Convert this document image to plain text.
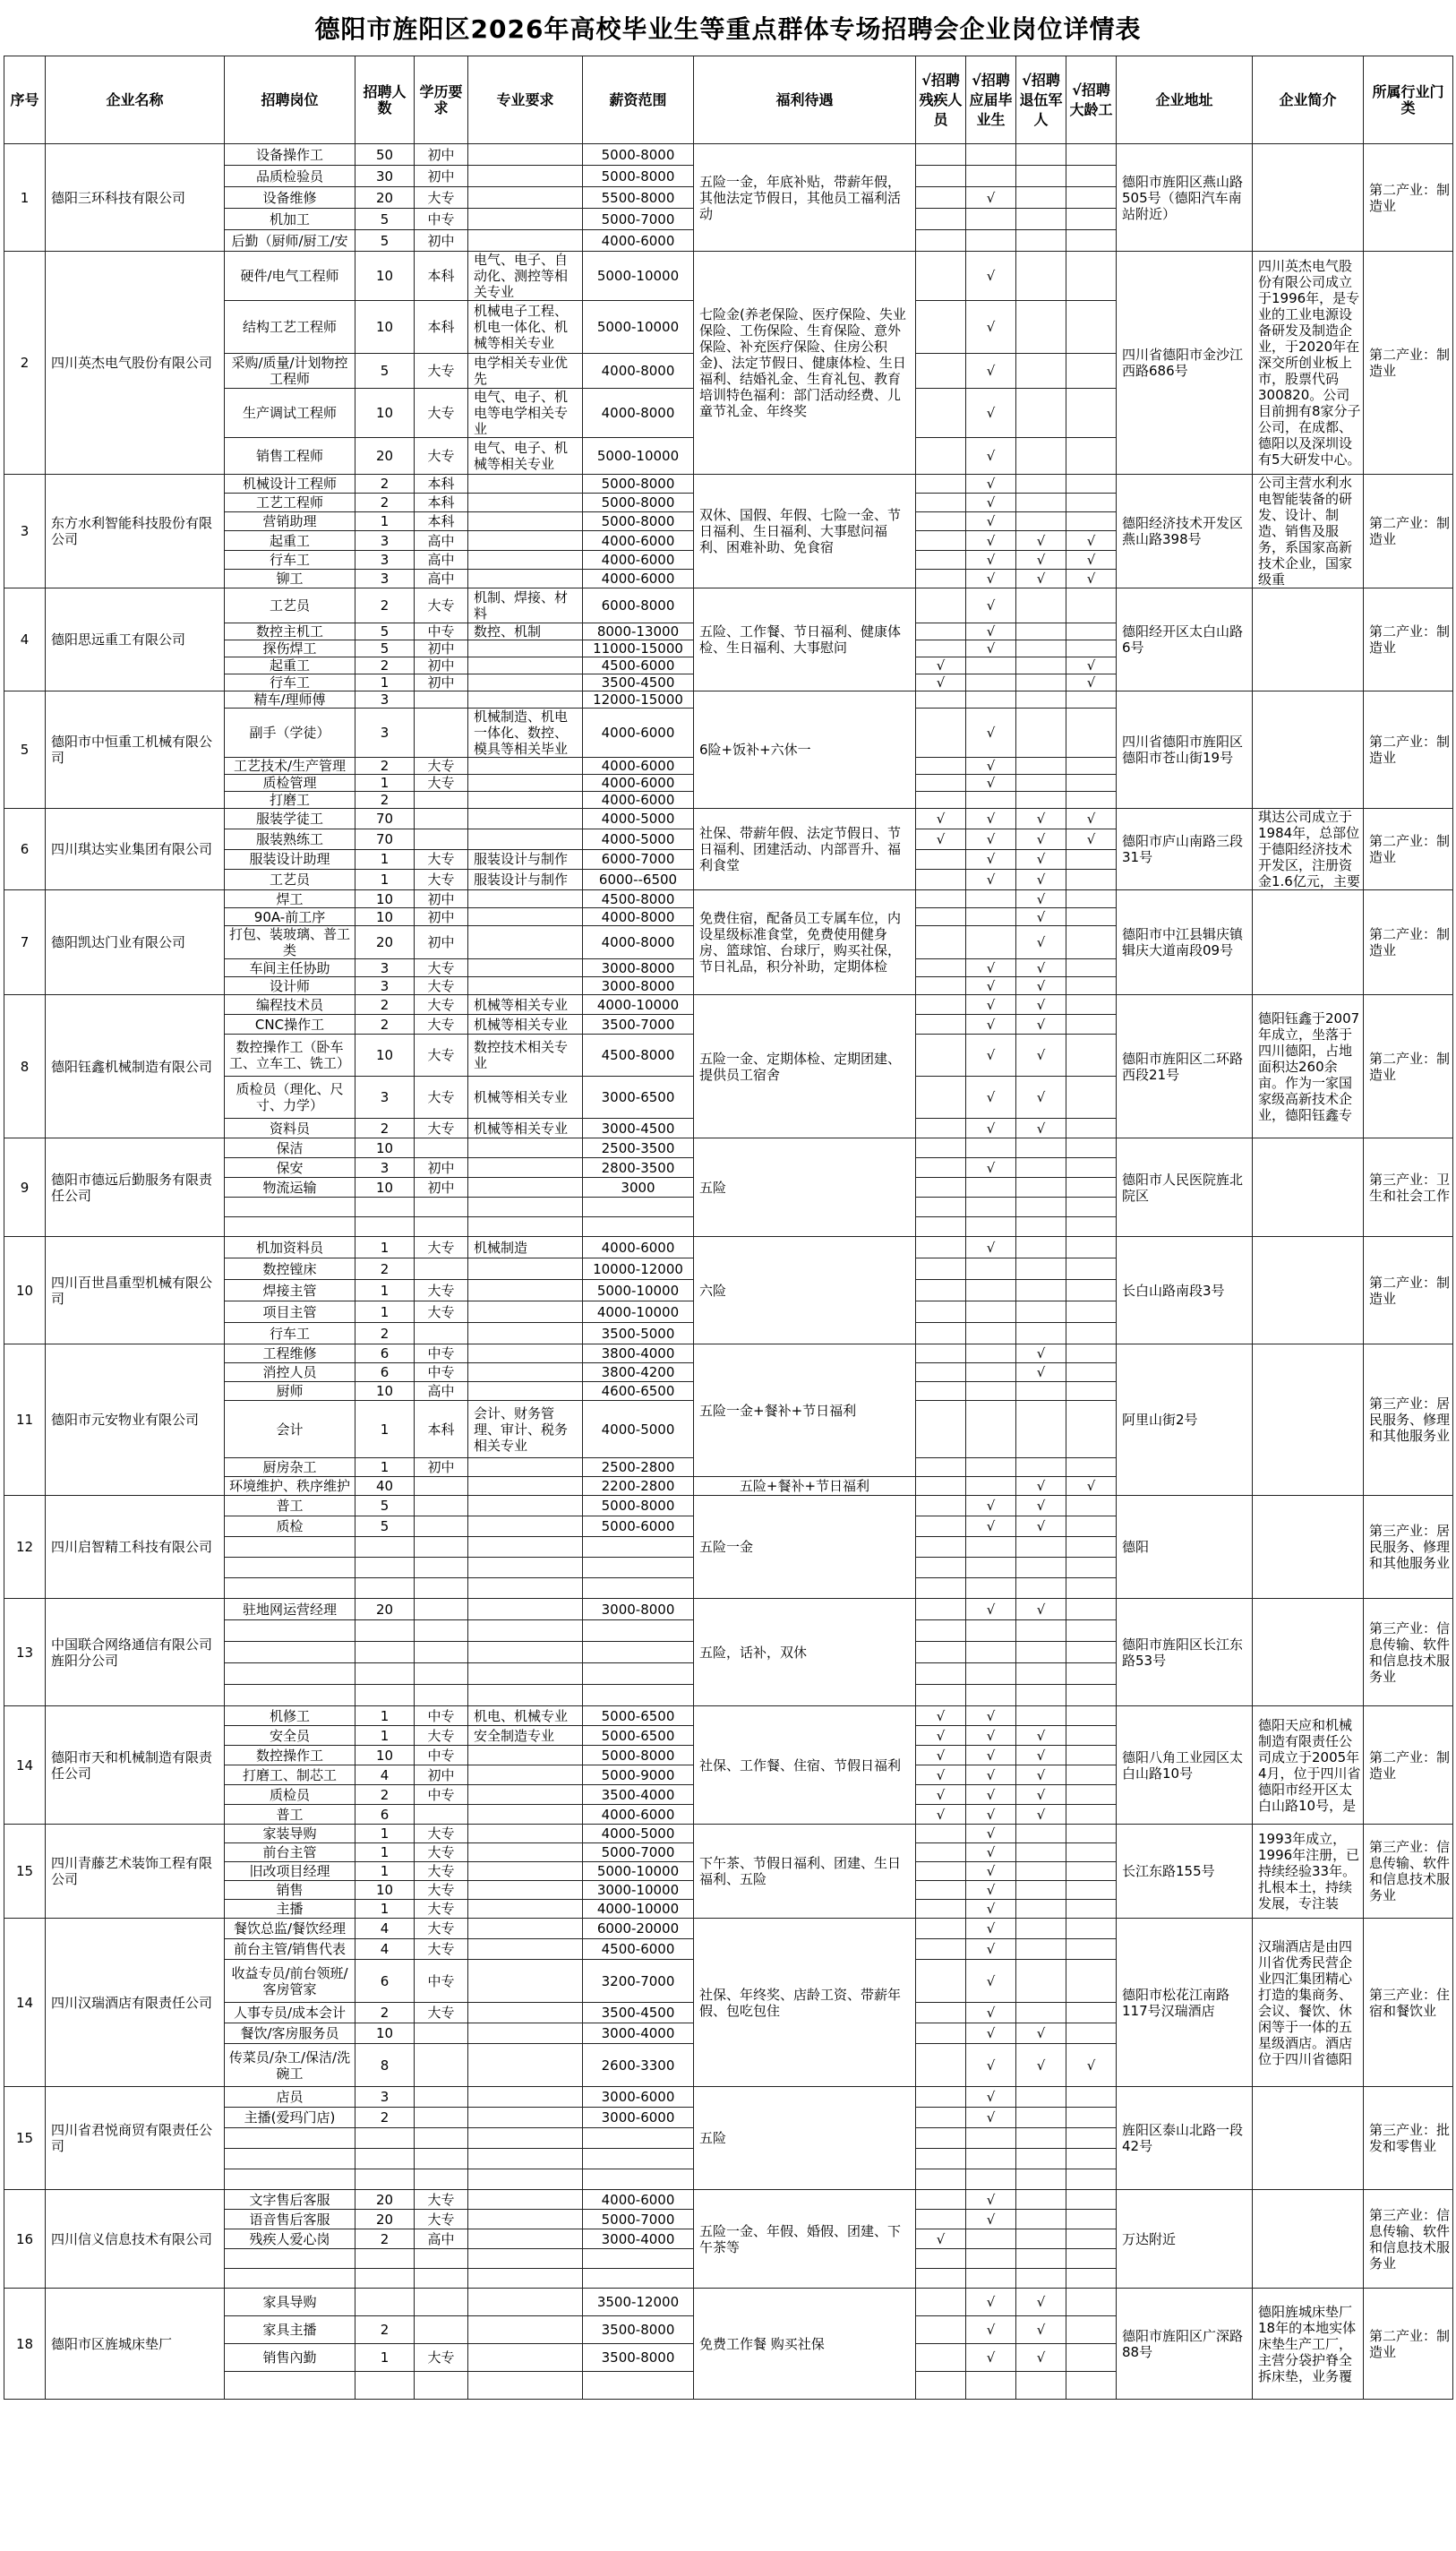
德阳市旌阳区2026年高校毕业生等重点群体专场招聘会企业岗位详情表
序号	企业名称	招聘岗位	招聘人数	学历要求	专业要求	薪资范围	福利待遇	√招聘残疾人员	√招聘应届毕业生	√招聘退伍军人	√招聘大龄工	企业地址	企业简介	所属行业门类
1	德阳三环科技有限公司	设备操作工	50	初中		5000-8000	五险一金，年底补贴，带薪年假，其他法定节假日，其他员工福利活动					德阳市旌阳区燕山路505号（德阳汽车南站附近）		第二产业：制造业
		品质检验员	30	初中		5000-8000								
		设备维修	20	大专		5500-8000			√					
		机加工	5	中专		5000-7000								
		后勤（厨师/厨工/安	5	初中		4000-6000								
2	四川英杰电气股份有限公司	硬件/电气工程师	10	本科	电气、电子、自动化、测控等相关专业	5000-10000	七险金(养老保险、医疗保险、失业保险、工伤保险、生育保险、意外保险、补充医疗保险、住房公积金)、法定节假日、健康体检、生日福利、结婚礼金、生育礼包、教育培训特色福利：部门活动经费、儿童节礼金、年终奖		√			四川省德阳市金沙江西路686号	四川英杰电气股份有限公司成立于1996年，是专业的工业电源设备研发及制造企业，于2020年在深交所创业板上市，股票代码300820。公司目前拥有8家分子公司，在成都、德阳以及深圳设有5大研发中心。	第二产业：制造业
		结构工艺工程师	10	本科	机械电子工程、机电一体化、机械等相关专业	5000-10000			√					
		采购/质量/计划物控工程师	5	大专	电学相关专业优先	4000-8000			√					
		生产调试工程师	10	大专	电气、电子、机电等电学相关专业	4000-8000			√					
		销售工程师	20	大专	电气、电子、机械等相关专业	5000-10000			√					
3	东方水利智能科技股份有限公司	机械设计工程师	2	本科		5000-8000	双休、国假、年假、七险一金、节日福利、生日福利、大事慰问福利、困难补助、免食宿		√			德阳经济技术开发区燕山路398号	公司主营水利水电智能装备的研发、设计、制造、销售及服务，系国家高新技术企业，国家级重	第二产业：制造业
		工艺工程师	2	本科		5000-8000			√					
		营销助理	1	本科		5000-8000			√					
		起重工	3	高中		4000-6000			√	√	√			
		行车工	3	高中		4000-6000			√	√	√			
		铆工	3	高中		4000-6000			√	√	√			
4	德阳思远重工有限公司	工艺员	2	大专	机制、焊接、材料	6000-8000	五险、工作餐、节日福利、健康体检、生日福利、大事慰问		√			德阳经开区太白山路6号		第二产业：制造业
		数控主机工	5	中专	数控、机制	8000-13000			√					
		探伤焊工	5	初中		11000-15000			√					
		起重工	2	初中		4500-6000		√			√			
		行车工	1	初中		3500-4500		√			√			
5	德阳市中恒重工机械有限公司	精车/理师傅	3			12000-15000	6险+饭补+六休一					四川省德阳市旌阳区德阳市苍山街19号		第二产业：制造业
		副手（学徒）	3		机械制造、机电一体化、数控、模具等相关毕业	4000-6000			√					
		工艺技术/生产管理	2	大专		4000-6000			√					
		质检管理	1	大专		4000-6000			√					
		打磨工	2			4000-6000								
6	四川琪达实业集团有限公司	服装学徒工	70			4000-5000	社保、带薪年假、法定节假日、节日福利、团建活动、内部晋升、福利食堂	√	√	√	√	德阳市庐山南路三段31号	琪达公司成立于1984年，总部位于德阳经济技术开发区，注册资金1.6亿元，主要	第二产业：制造业
		服装熟练工	70			4000-5000		√	√	√	√			
		服装设计助理	1	大专	服装设计与制作	6000-7000			√	√				
		工艺员	1	大专	服装设计与制作	6000--6500			√	√				
7	德阳凯达门业有限公司	焊工	10	初中		4500-8000	免费住宿，配备员工专属车位，内设星级标准食堂，免费使用健身房、篮球馆、台球厅，购买社保，节日礼品，积分补助，定期体检			√		德阳市中江县辑庆镇辑庆大道南段09号		第二产业：制造业
		90A-前工序	10	初中		4000-8000				√				
		打包、装玻璃、普工类	20	初中		4000-8000				√				
		车间主任协助	3	大专		3000-8000			√	√				
		设计师	3	大专		3000-8000			√	√				
8	德阳钰鑫机械制造有限公司	编程技术员	2	大专	机械等相关专业	4000-10000	五险一金、定期体检、定期团建、提供员工宿舍		√	√		德阳市旌阳区二环路西段21号	德阳钰鑫于2007年成立，坐落于四川德阳，占地面积达260余亩。作为一家国家级高新技术企业，德阳钰鑫专	第二产业：制造业
		CNC操作工	2	大专	机械等相关专业	3500-7000			√	√				
		数控操作工（卧车工、立车工、铣工）	10	大专	数控技术相关专业	4500-8000			√	√				
		质检员（理化、尺寸、力学）	3	大专	机械等相关专业	3000-6500			√	√				
		资料员	2	大专	机械等相关专业	3000-4500			√	√				
9	德阳市德远后勤服务有限责任公司	保洁	10			2500-3500	五险					德阳市人民医院旌北院区		第三产业：卫生和社会工作
		保安	3	初中		2800-3500			√					
		物流运输	10	初中		3000								

10	四川百世昌重型机械有限公司	机加资料员	1	大专	机械制造	4000-6000	六险		√			长白山路南段3号		第二产业：制造业
		数控镗床	2			10000-12000								
		焊接主管	1	大专		5000-10000								
		项目主管	1	大专		4000-10000								
		行车工	2			3500-5000								
11	德阳市元安物业有限公司	工程维修	6	中专		3800-4000	五险一金+餐补+节日福利			√		阿里山街2号		第三产业：居民服务、修理和其他服务业
		消控人员	6	中专		3800-4200				√				
		厨师	10	高中		4600-6500								
		会计	1	本科	会计、财务管理、审计、税务相关专业	4000-5000								
		厨房杂工	1	初中		2500-2800								
		环境维护、秩序维护	40			2200-2800	五险+餐补+节日福利			√	√			
12	四川启智精工科技有限公司	普工	5			5000-8000	五险一金		√	√		德阳		第三产业：居民服务、修理和其他服务业
		质检	5			5000-6000			√	√				

13	中国联合网络通信有限公司旌阳分公司	驻地网运营经理	20			3000-8000	五险，话补，双休		√	√		德阳市旌阳区长江东路53号		第三产业：信息传输、软件和信息技术服务业

14	德阳市天和机械制造有限责任公司	机修工	1	中专	机电、机械专业	5000-6500	社保、工作餐、住宿、节假日福利	√	√			德阳八角工业园区太白山路10号	德阳天应和机械制造有限责任公司成立于2005年4月，位于四川省德阳市经开区太白山路10号，是	第二产业：制造业
		安全员	1	大专	安全制造专业	5000-6500		√	√	√				
		数控操作工	10	中专		5000-8000		√	√	√				
		打磨工、制芯工	4	初中		5000-9000		√	√	√				
		质检员	2	中专		3500-4000		√	√	√				
		普工	6			4000-6000		√	√	√				
15	四川青藤艺术装饰工程有限公司	家装导购	1	大专		4000-5000	下午茶、节假日福利、团建、生日福利、五险		√			长江东路155号	1993年成立，1996年注册，已持续经验33年。扎根本土，持续发展，专注装	第三产业：信息传输、软件和信息技术服务业
		前台主管	1	大专		5000-7000			√					
		旧改项目经理	1	大专		5000-10000			√					
		销售	10	大专		3000-10000			√					
		主播	1	大专		4000-10000			√					
14	四川汉瑞酒店有限责任公司	餐饮总监/餐饮经理	4	大专		6000-20000	社保、年终奖、店龄工资、带薪年假、包吃包住		√			德阳市松花江南路117号汉瑞酒店	汉瑞酒店是由四川省优秀民营企业四汇集团精心打造的集商务、会议、餐饮、休闲等于一体的五星级酒店。酒店位于四川省德阳	第三产业：住宿和餐饮业
		前台主管/销售代表	4	大专		4500-6000			√					
		收益专员/前台领班/客房管家	6	中专		3200-7000			√					
		人事专员/成本会计	2	大专		3500-4500			√					
		餐饮/客房服务员	10			3000-4000			√	√				
		传菜员/杂工/保洁/洗碗工	8			2600-3300			√	√	√			
15	四川省君悦商贸有限责任公司	店员	3			3000-6000	五险		√			旌阳区泰山北路一段42号		第三产业：批发和零售业
		主播(爱玛门店)	2			3000-6000			√					

16	四川信义信息技术有限公司	文字售后客服	20	大专		4000-6000	五险一金、年假、婚假、团建、下午茶等		√			万达附近		第三产业：信息传输、软件和信息技术服务业
		语音售后客服	20	大专		5000-7000			√					
		残疾人爱心岗	2	高中		3000-4000		√						

18	德阳市区旌城床垫厂	家具导购				3500-12000	免费工作餐 购买社保		√	√		德阳市旌阳区广深路88号	德阳旌城床垫厂18年的本地实体床垫生产工厂，主营分袋护脊全拆床垫，业务覆	第二产业：制造业
		家具主播	2			3500-8000			√	√				
		销售內勤	1	大专		3500-8000			√	√				
